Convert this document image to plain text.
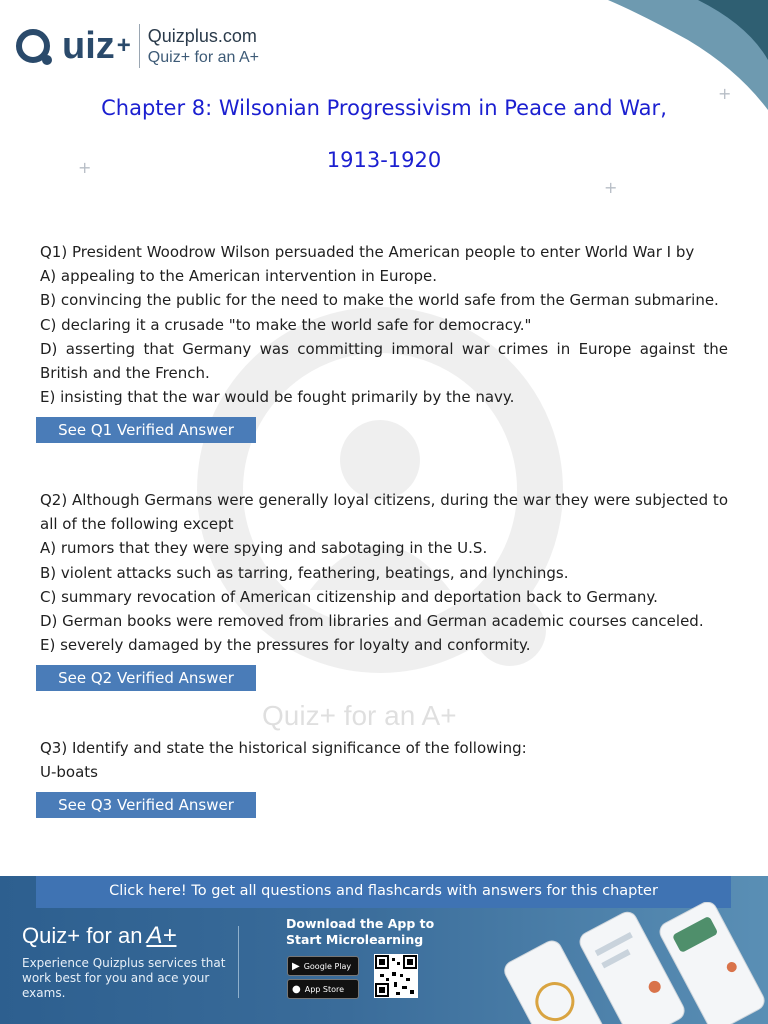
+
+
+
Quiz+ for an A+
uiz + Quizplus.com
Quiz+ for an A+
Chapter 8: Wilsonian Progressivism in Peace and War,
1913-1920

Q1) President Woodrow Wilson persuaded the American people to enter World War I by

A) appealing to the American intervention in Europe.

B) convincing the public for the need to make the world safe from the German submarine.

C) declaring it a crusade "to make the world safe for democracy."

D) asserting that Germany was committing immoral war crimes in Europe against the British and the French.

E) insisting that the war would be fought primarily by the navy.

See Q1 Verified Answer

Q2) Although Germans were generally loyal citizens, during the war they were subjected to all of the following except

A) rumors that they were spying and sabotaging in the U.S.

B) violent attacks such as tarring, feathering, beatings, and lynchings.

C) summary revocation of American citizenship and deportation back to Germany.

D) German books were removed from libraries and German academic courses canceled.

E) severely damaged by the pressures for loyalty and conformity.

See Q2 Verified Answer

Q3) Identify and state the historical significance of the following:

U-boats

See Q3 Verified Answer
Click here! To get all questions and flashcards with answers for this chapter
Quiz+ for an A+
Experience Quizplus services that work best for you and ace your exams.
Download the App to
Start Microlearning
▶ Google Play
● App Store
